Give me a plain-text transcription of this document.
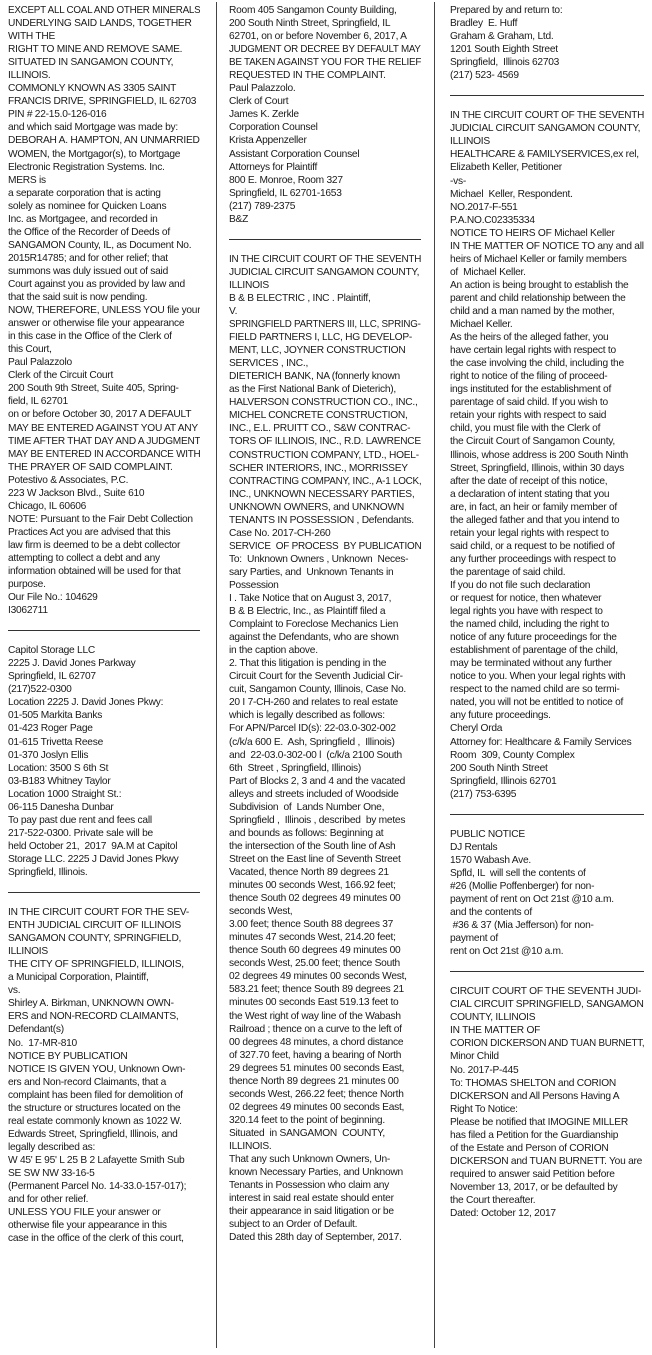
EXCEPT ALL COAL AND OTHER MINERALS
UNDERLYING SAID LANDS, TOGETHER
WITH THE
RIGHT TO MINE AND REMOVE SAME.
SITUATED IN SANGAMON COUNTY,
ILLINOIS.
COMMONLY KNOWN AS 3305 SAINT
FRANCIS DRIVE, SPRINGFIELD, IL 62703
PIN # 22-15.0-126-016
and which said Mortgage was made by:
DEBORAH A. HAMPTON, AN UNMARRIED
WOMEN, the Mortgagor(s), to Mortgage
Electronic Registration Systems. Inc.
MERS is
a separate corporation that is acting
solely as nominee for Quicken Loans
Inc. as Mortgagee, and recorded in
the Office of the Recorder of Deeds of
SANGAMON County, IL, as Document No.
2015R14785; and for other relief; that
summons was duly issued out of said
Court against you as provided by law and
that the said suit is now pending.
NOW, THEREFORE, UNLESS YOU file your
answer or otherwise file your appearance
in this case in the Office of the Clerk of
this Court,
Paul Palazzolo
Clerk of the Circuit Court
200 South 9th Street, Suite 405, Spring-
field, IL 62701
on or before October 30, 2017 A DEFAULT
MAY BE ENTERED AGAINST YOU AT ANY
TIME AFTER THAT DAY AND A JUDGMENT
MAY BE ENTERED IN ACCORDANCE WITH
THE PRAYER OF SAID COMPLAINT.
Potestivo & Associates, P.C.
223 W Jackson Blvd., Suite 610
Chicago, IL 60606
NOTE: Pursuant to the Fair Debt Collection
Practices Act you are advised that this
law firm is deemed to be a debt collector
attempting to collect a debt and any
information obtained will be used for that
purpose.
Our File No.: 104629
I3062711
Capitol Storage LLC
2225 J. David Jones Parkway
Springfield, IL 62707
(217)522-0300
Location 2225 J. David Jones Pkwy:
01-505 Markita Banks
01-423 Roger Page
01-615 Trivetta Reese
01-370 Joslyn Ellis
Location: 3500 S 6th St
03-B183 Whitney Taylor
Location 1000 Straight St.:
06-115 Danesha Dunbar
To pay past due rent and fees call
217-522-0300. Private sale will be
held October 21,  2017  9A.M at Capitol
Storage LLC. 2225 J David Jones Pkwy
Springfield, Illinois.
IN THE CIRCUIT COURT FOR THE SEV-
ENTH JUDICIAL CIRCUIT OF ILLINOIS
SANGAMON COUNTY, SPRINGFIELD,
ILLINOIS
THE CITY OF SPRINGFIELD, ILLINOIS,
a Municipal Corporation, Plaintiff,
vs.
Shirley A. Birkman, UNKNOWN OWN-
ERS and NON-RECORD CLAIMANTS,
Defendant(s)
No.  17-MR-810
NOTICE BY PUBLICATION
NOTICE IS GIVEN YOU, Unknown Own-
ers and Non-record Claimants, that a
complaint has been filed for demolition of
the structure or structures located on the
real estate commonly known as 1022 W.
Edwards Street, Springfield, Illinois, and
legally described as:
W 45' E 95' L 25 B 2 Lafayette Smith Sub
SE SW NW 33-16-5
(Permanent Parcel No. 14-33.0-157-017);
and for other relief.
UNLESS YOU FILE your answer or
otherwise file your appearance in this
case in the office of the clerk of this court,
Room 405 Sangamon County Building,
200 South Ninth Street, Springfield, IL
62701, on or before November 6, 2017, A
JUDGMENT OR DECREE BY DEFAULT MAY
BE TAKEN AGAINST YOU FOR THE RELIEF
REQUESTED IN THE COMPLAINT.
Paul Palazzolo.
Clerk of Court
James K. Zerkle
Corporation Counsel
Krista Appenzeller
Assistant Corporation Counsel
Attorneys for Plaintiff
800 E. Monroe, Room 327
Springfield, IL 62701-1653
(217) 789-2375
B&Z
IN THE CIRCUIT COURT OF THE SEVENTH
JUDICIAL CIRCUIT SANGAMON COUNTY,
ILLINOIS
B & B ELECTRIC , INC . Plaintiff,
V.
SPRINGFIELD PARTNERS III, LLC, SPRING-
FIELD PARTNERS I, LLC, HG DEVELOP-
MENT, LLC, JOYNER CONSTRUCTION
SERVICES , INC.,
DIETERICH BANK, NA (fonnerly known
as the First National Bank of Dieterich),
HALVERSON CONSTRUCTION CO., INC.,
MICHEL CONCRETE CONSTRUCTION,
INC., E.L. PRUITT CO., S&W CONTRAC-
TORS OF ILLINOIS, INC., R.D. LAWRENCE
CONSTRUCTION COMPANY, LTD., HOEL-
SCHER INTERIORS, INC., MORRISSEY
CONTRACTING COMPANY, INC., A-1 LOCK,
INC., UNKNOWN NECESSARY PARTIES,
UNKNOWN OWNERS, and UNKNOWN
TENANTS IN POSSESSION , Defendants.
Case No. 2017-CH-260
SERVICE  OF PROCESS  BY PUBLICATION
To:  Unknown Owners , Unknown  Neces-
sary Parties, and  Unknown Tenants in
Possession
I . Take Notice that on August 3, 2017,
B & B Electric, Inc., as Plaintiff filed a
Complaint to Foreclose Mechanics Lien
against the Defendants, who are shown
in the caption above.
2. That this litigation is pending in the
Circuit Court for the Seventh Judicial Cir-
cuit, Sangamon County, Illinois, Case No.
20 I 7-CH-260 and relates to real estate
which is legally described as follows:
For APN/Parcel ID(s): 22-03.0-302-002
(c/k/a 600 E.  Ash, Springfield ,  Illinois)
and  22-03.0-302-00 l  (c/k/a 2100 South
6th  Street , Springfield, Illinois)
Part of Blocks 2, 3 and 4 and the vacated
alleys and streets included of Woodside
Subdivision  of  Lands Number One,
Springfield ,  Illinois , described  by metes
and bounds as follows: Beginning at
the intersection of the South line of Ash
Street on the East line of Seventh Street
Vacated, thence North 89 degrees 21
minutes 00 seconds West, 166.92 feet;
thence South 02 degrees 49 minutes 00
seconds West,
3.00 feet; thence South 88 degrees 37
minutes 47 seconds West, 214.20 feet;
thence South 60 degrees 49 minutes 00
seconds West, 25.00 feet; thence South
02 degrees 49 minutes 00 seconds West,
583.21 feet; thence South 89 degrees 21
minutes 00 seconds East 519.13 feet to
the West right of way line of the Wabash
Railroad ; thence on a curve to the left of
00 degrees 48 minutes, a chord distance
of 327.70 feet, having a bearing of North
29 degrees 51 minutes 00 seconds East,
thence North 89 degrees 21 minutes 00
seconds West, 266.22 feet; thence North
02 degrees 49 minutes 00 seconds East,
320.14 feet to the point of beginning.
Situated  in SANGAMON  COUNTY,
ILLINOIS.
That any such Unknown Owners, Un-
known Necessary Parties, and Unknown
Tenants in Possession who claim any
interest in said real estate should enter
their appearance in said litigation or be
subject to an Order of Default.
Dated this 28th day of September, 2017.
Prepared by and return to:
Bradley  E. Huff
Graham & Graham, Ltd.
1201 South Eighth Street
Springfield,  Illinois 62703
(217) 523- 4569
IN THE CIRCUIT COURT OF THE SEVENTH
JUDICIAL CIRCUIT SANGAMON COUNTY,
ILLINOIS
HEALTHCARE & FAMILYSERVICES,ex rel,
Elizabeth Keller, Petitioner
-vs-
Michael  Keller, Respondent.
NO.2017-F-551
P.A.NO.C02335334
NOTICE TO HEIRS OF Michael Keller
IN THE MATTER OF NOTICE TO any and all
heirs of Michael Keller or family members
of  Michael Keller.
An action is being brought to establish the
parent and child relationship between the
child and a man named by the mother,
Michael Keller.
As the heirs of the alleged father, you
have certain legal rights with respect to
the case involving the child, including the
right to notice of the filing of proceed-
ings instituted for the establishment of
parentage of said child. If you wish to
retain your rights with respect to said
child, you must file with the Clerk of
the Circuit Court of Sangamon County,
Illinois, whose address is 200 South Ninth
Street, Springfield, Illinois, within 30 days
after the date of receipt of this notice,
a declaration of intent stating that you
are, in fact, an heir or family member of
the alleged father and that you intend to
retain your legal rights with respect to
said child, or a request to be notified of
any further proceedings with respect to
the parentage of said child.
If you do not file such declaration
or request for notice, then whatever
legal rights you have with respect to
the named child, including the right to
notice of any future proceedings for the
establishment of parentage of the child,
may be terminated without any further
notice to you. When your legal rights with
respect to the named child are so termi-
nated, you will not be entitled to notice of
any future proceedings.
Cheryl Orda
Attorney for: Healthcare & Family Services
Room  309, County Complex
200 South Ninth Street
Springfield, Illinois 62701
(217) 753-6395
PUBLIC NOTICE
DJ Rentals
1570 Wabash Ave.
Spfld, IL  will sell the contents of
#26 (Mollie Poffenberger) for non-
payment of rent on Oct 21st @10 a.m.
and the contents of
#36 & 37 (Mia Jefferson) for non-
payment of
rent on Oct 21st @10 a.m.
CIRCUIT COURT OF THE SEVENTH JUDI-
CIAL CIRCUIT SPRINGFIELD, SANGAMON
COUNTY, ILLINOIS
IN THE MATTER OF
CORION DICKERSON AND TUAN BURNETT,
Minor Child
No. 2017-P-445
To: THOMAS SHELTON and CORION
DICKERSON and All Persons Having A
Right To Notice:
Please be notified that IMOGINE MILLER
has filed a Petition for the Guardianship
of the Estate and Person of CORION
DICKERSON and TUAN BURNETT. You are
required to answer said Petition before
November 13, 2017, or be defaulted by
the Court thereafter.
Dated: October 12, 2017
